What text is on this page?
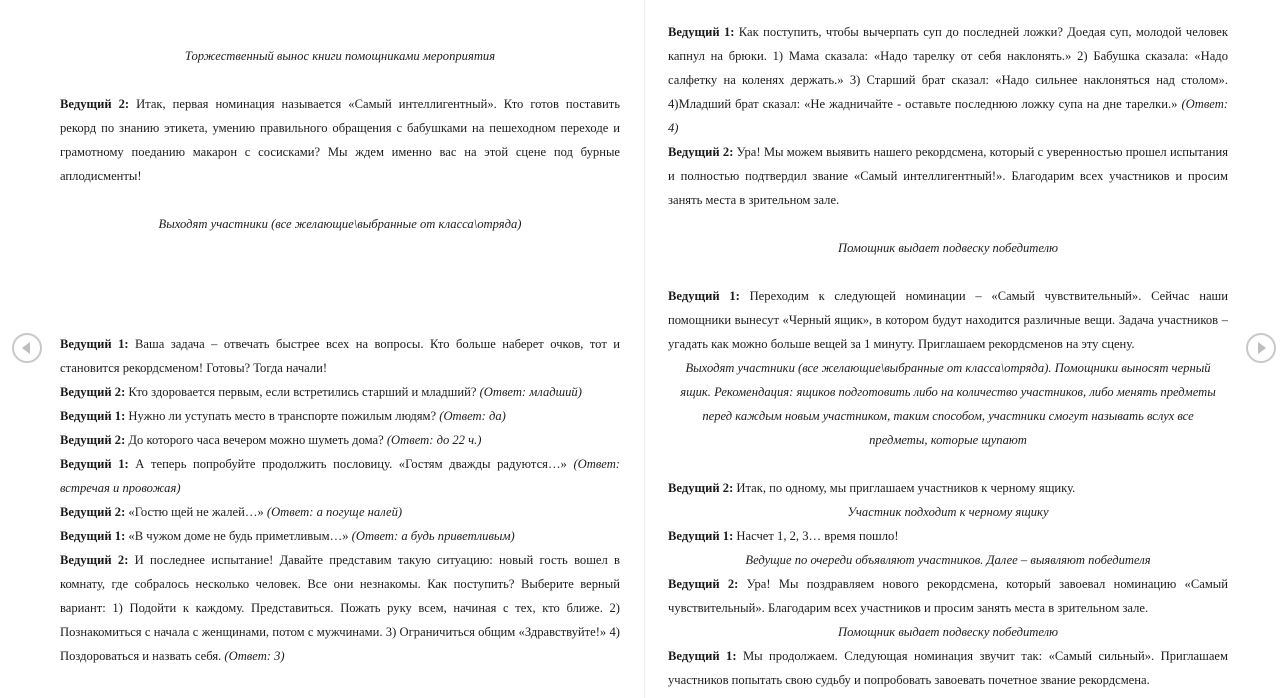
Торжественный вынос книги помощниками мероприятия

Ведущий 2: Итак, первая номинация называется «Самый интеллигентный». Кто готов поставить рекорд по знанию этикета, умению правильного обращения с бабушками на пешеходном переходе и грамотному поеданию макарон с сосисками? Мы ждем именно вас на этой сцене под бурные аплодисменты!

Выходят участники (все желающие\выбранные от класса\отряда)

Ведущий 1: Ваша задача – отвечать быстрее всех на вопросы. Кто больше наберет очков, тот и становится рекордсменом! Готовы? Тогда начали!

Ведущий 2: Кто здоровается первым, если встретились старший и младший? (Ответ: младший)

Ведущий 1: Нужно ли уступать место в транспорте пожилым людям? (Ответ: да)

Ведущий 2: До которого часа вечером можно шуметь дома? (Ответ: до 22 ч.)

Ведущий 1: А теперь попробуйте продолжить пословицу. «Гостям дважды радуются…» (Ответ: встречая и провожая)

Ведущий 2: «Гостю щей не жалей…» (Ответ: а погуще налей)

Ведущий 1: «В чужом доме не будь приметливым…» (Ответ: а будь приветливым)

Ведущий 2: И последнее испытание! Давайте представим такую ситуацию: новый гость вошел в комнату, где собралось несколько человек. Все они незнакомы. Как поступить? Выберите верный вариант: 1) Подойти к каждому. Представиться. Пожать руку всем, начиная с тех, кто ближе. 2) Познакомиться с начала с женщинами, потом с мужчинами. 3) Ограничиться общим «Здравствуйте!» 4) Поздороваться и назвать себя. (Ответ: 3)

Ведущий 1: Как поступить, чтобы вычерпать суп до последней ложки? Доедая суп, молодой человек капнул на брюки. 1) Мама сказала: «Надо тарелку от себя наклонять.» 2) Бабушка сказала: «Надо салфетку на коленях держать.» 3) Старший брат сказал: «Надо сильнее наклоняться над столом». 4)Младший брат сказал: «Не жадничайте - оставьте последнюю ложку супа на дне тарелки.» (Ответ: 4)

Ведущий 2: Ура! Мы можем выявить нашего рекордсмена, который с уверенностью прошел испытания и полностью подтвердил звание «Самый интеллигентный!». Благодарим всех участников и просим занять места в зрительном зале.

Помощник выдает подвеску победителю

Ведущий 1: Переходим к следующей номинации – «Самый чувствительный». Сейчас наши помощники вынесут «Черный ящик», в котором будут находится различные вещи. Задача участников – угадать как можно больше вещей за 1 минуту. Приглашаем рекордсменов на эту сцену.

Выходят участники (все желающие\выбранные от класса\отряда). Помощники выносят черный ящик. Рекомендация: ящиков подготовить либо на количество участников, либо менять предметы перед каждым новым участником, таким способом, участники смогут называть вслух все предметы, которые щупают

Ведущий 2: Итак, по одному, мы приглашаем участников к черному ящику.

Участник подходит к черному ящику

Ведущий 1: Насчет 1, 2, 3… время пошло!

Ведущие по очереди объявляют участников. Далее – выявляют победителя

Ведущий 2: Ура! Мы поздравляем нового рекордсмена, который завоевал номинацию «Самый чувствительный». Благодарим всех участников и просим занять места в зрительном зале.

Помощник выдает подвеску победителю

Ведущий 1: Мы продолжаем. Следующая номинация звучит так: «Самый сильный». Приглашаем участников попытать свою судьбу и попробовать завоевать почетное звание рекордсмена.
